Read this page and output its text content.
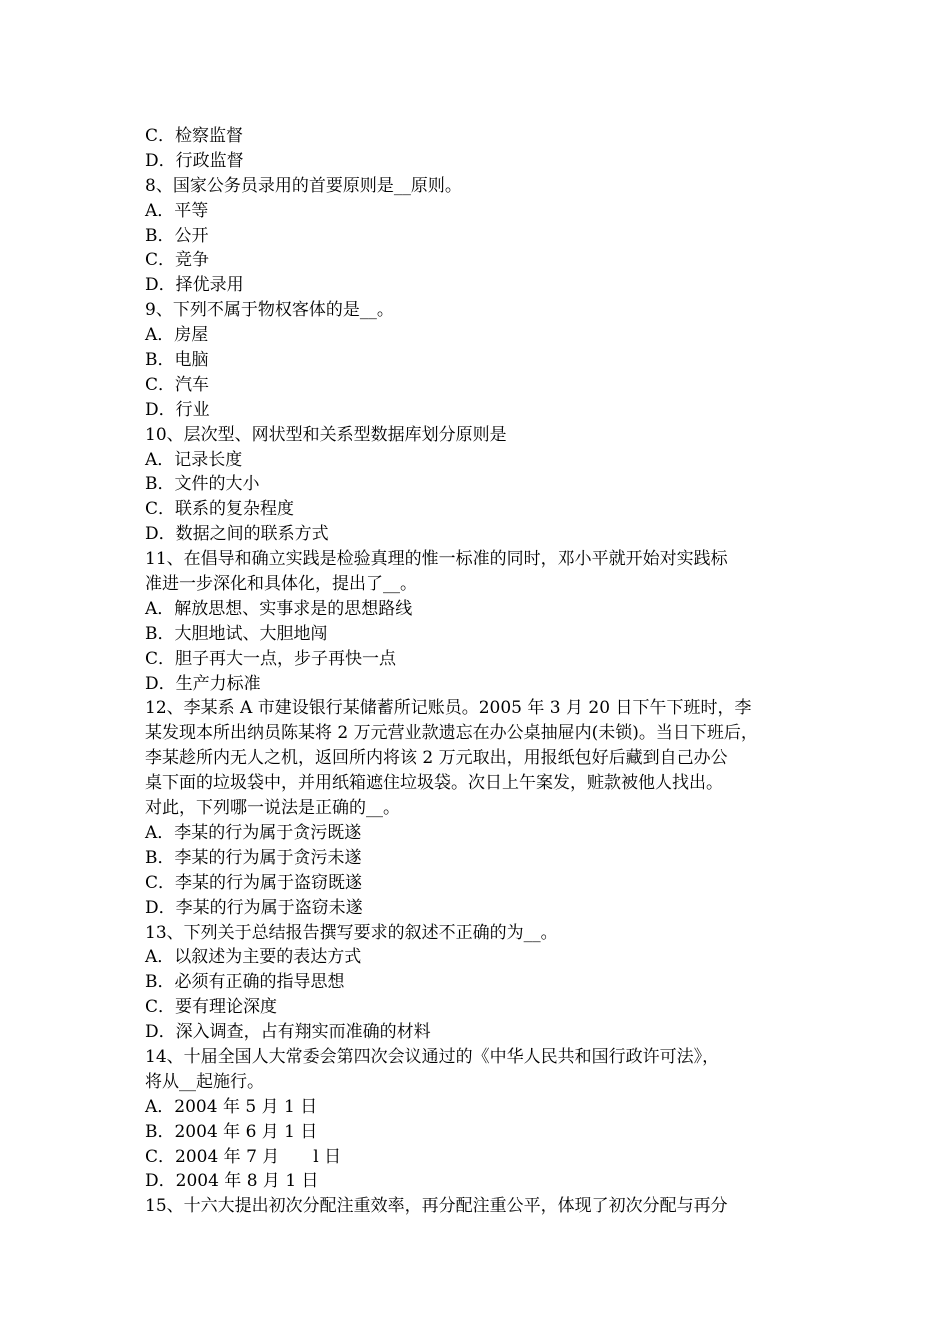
C．检察监督
D．行政监督
8、国家公务员录用的首要原则是__原则。
A．平等
B．公开
C．竞争
D．择优录用
9、下列不属于物权客体的是__。
A．房屋
B．电脑
C．汽车
D．行业
10、层次型、网状型和关系型数据库划分原则是
A．记录长度
B．文件的大小
C．联系的复杂程度
D．数据之间的联系方式
11、在倡导和确立实践是检验真理的惟一标准的同时，邓小平就开始对实践标
准进一步深化和具体化，提出了__。
A．解放思想、实事求是的思想路线
B．大胆地试、大胆地闯
C．胆子再大一点，步子再快一点
D．生产力标准
12、李某系 A 市建设银行某储蓄所记账员。2005 年 3 月 20 日下午下班时，李
某发现本所出纳员陈某将 2 万元营业款遗忘在办公桌抽屉内(未锁)。当日下班后，
李某趁所内无人之机，返回所内将该 2 万元取出，用报纸包好后藏到自己办公
桌下面的垃圾袋中，并用纸箱遮住垃圾袋。次日上午案发，赃款被他人找出。
对此，下列哪一说法是正确的__。
A．李某的行为属于贪污既遂
B．李某的行为属于贪污未遂
C．李某的行为属于盗窃既遂
D．李某的行为属于盗窃未遂
13、下列关于总结报告撰写要求的叙述不正确的为__。
A．以叙述为主要的表达方式
B．必须有正确的指导思想
C．要有理论深度
D．深入调查，占有翔实而准确的材料
14、十届全国人大常委会第四次会议通过的《中华人民共和国行政许可法》，
将从__起施行。
A．2004 年 5 月 1 日
B．2004 年 6 月 1 日
C．2004 年 7 月　　l 日
D．2004 年 8 月 1 日
15、十六大提出初次分配注重效率，再分配注重公平，体现了初次分配与再分
